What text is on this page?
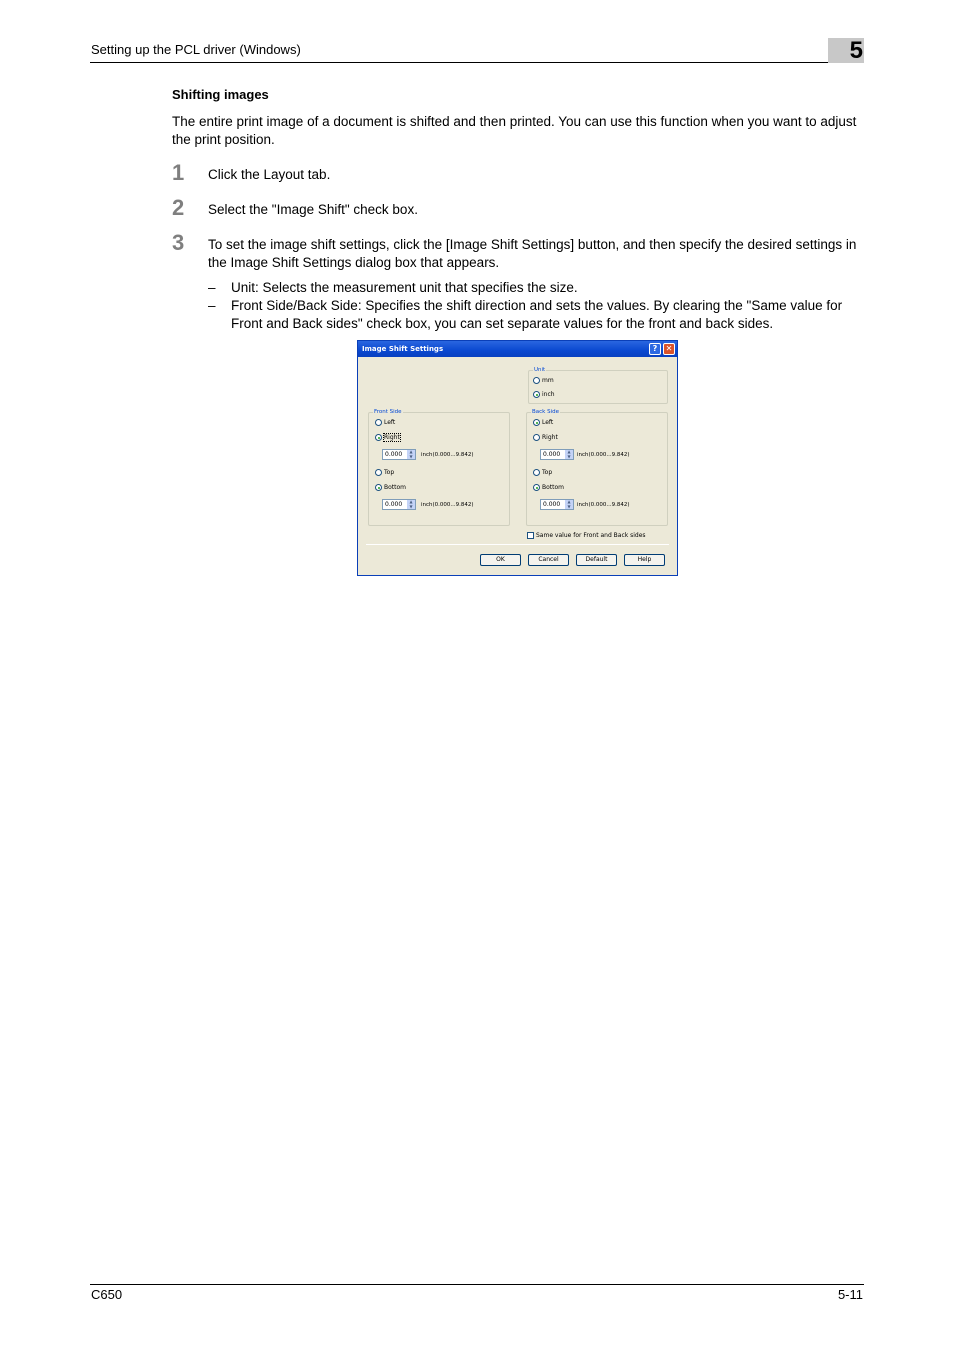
Setting up the PCL driver (Windows)	5
Shifting images
The entire print image of a document is shifted and then printed. You can use this function when you want to adjust the print position.
1 Click the Layout tab.
2 Select the "Image Shift" check box.
3 To set the image shift settings, click the [Image Shift Settings] button, and then specify the desired settings in the Image Shift Settings dialog box that appears.
– Unit: Selects the measurement unit that specifies the size.
– Front Side/Back Side: Specifies the shift direction and sets the values. By clearing the "Same value for Front and Back sides" check box, you can set separate values for the front and back sides.
Image Shift Settings	?	✕
Unit
mm
inch
Front Side
Left
Right
0.000	▲
▼	inch(0.000...9.842)
Top
Bottom
0.000	▲
▼	inch(0.000...9.842)
Back Side
Left
Right
0.000	▲
▼	inch(0.000...9.842)
Top
Bottom
0.000	▲
▼	inch(0.000...9.842)
Same value for Front and Back sides
OK	Cancel	Default	Help
C650	5-11
